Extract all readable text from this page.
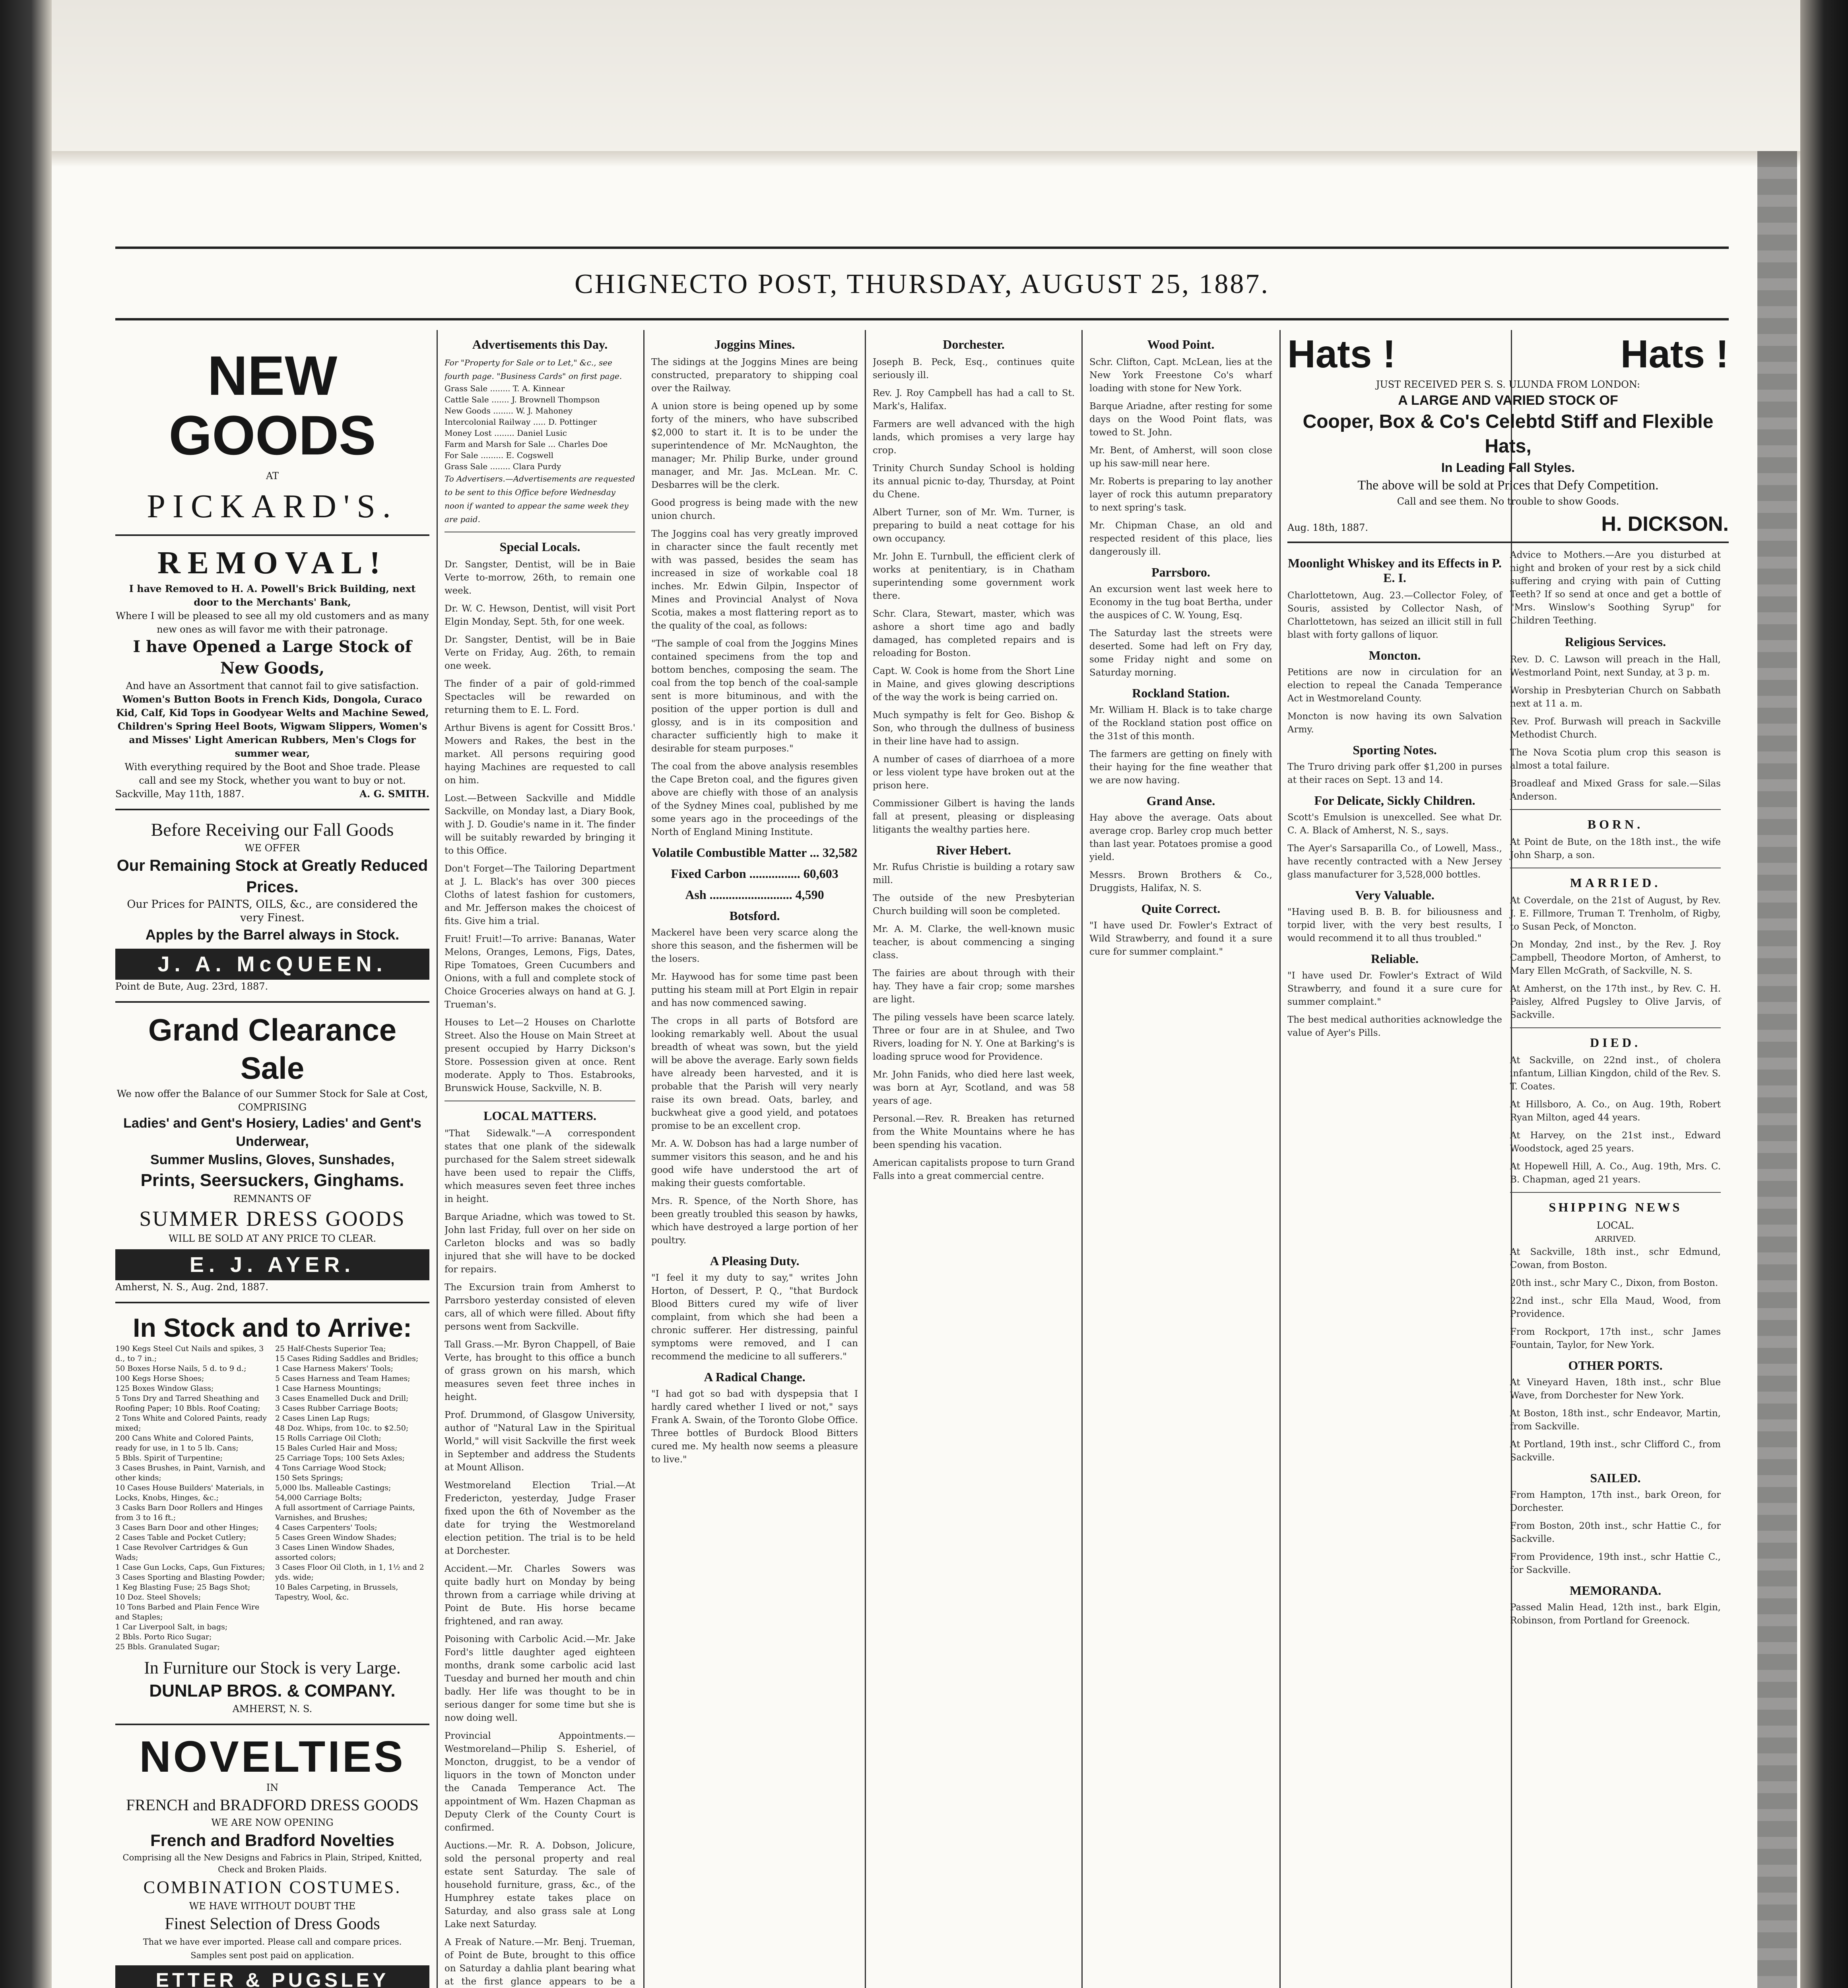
CHIGNECTO POST, THURSDAY, AUGUST 25, 1887.
NEW GOODS
AT
PICKARD'S.
REMOVAL!
I have Removed to H. A. Powell's Brick Building, next door to the Merchants' Bank,
Where I will be pleased to see all my old customers and as many new ones as will favor me with their patronage.
I have Opened a Large Stock of New Goods,
And have an Assortment that cannot fail to give satisfaction.
Women's Button Boots in French Kids, Dongola, Curaco Kid, Calf, Kid Tops in Goodyear Welts and Machine Sewed, Children's Spring Heel Boots, Wigwam Slippers, Women's and Misses' Light American Rubbers, Men's Clogs for summer wear,
With everything required by the Boot and Shoe trade. Please call and see my Stock, whether you want to buy or not.
Sackville, May 11th, 1887.	A. G. SMITH.
Before Receiving our Fall Goods
WE OFFER
Our Remaining Stock at Greatly Reduced Prices.
Our Prices for PAINTS, OILS, &c., are considered the very Finest.
Apples by the Barrel always in Stock.
J. A. McQUEEN.
Point de Bute, Aug. 23rd, 1887.
Grand Clearance Sale
We now offer the Balance of our Summer Stock for Sale at Cost, COMPRISING
Ladies' and Gent's Hosiery, Ladies' and Gent's Underwear,
Summer Muslins, Gloves, Sunshades,
Prints, Seersuckers, Ginghams.
REMNANTS OF
SUMMER DRESS GOODS
WILL BE SOLD AT ANY PRICE TO CLEAR.
E. J. AYER.
Amherst, N. S., Aug. 2nd, 1887.
In Stock and to Arrive:
190 Kegs Steel Cut Nails and spikes, 3 d., to 7 in.;
50 Boxes Horse Nails, 5 d. to 9 d.;
100 Kegs Horse Shoes;
125 Boxes Window Glass;
5 Tons Dry and Tarred Sheathing and Roofing Paper; 10 Bbls. Roof Coating;
2 Tons White and Colored Paints, ready mixed;
200 Cans White and Colored Paints, ready for use, in 1 to 5 lb. Cans;
5 Bbls. Spirit of Turpentine;
3 Cases Brushes, in Paint, Varnish, and other kinds;
10 Cases House Builders' Materials, in Locks, Knobs, Hinges, &c.;
3 Casks Barn Door Rollers and Hinges from 3 to 16 ft.;
3 Cases Barn Door and other Hinges;
2 Cases Table and Pocket Cutlery;
1 Case Revolver Cartridges & Gun Wads;
1 Case Gun Locks, Caps, Gun Fixtures;
3 Cases Sporting and Blasting Powder;
1 Keg Blasting Fuse; 25 Bags Shot;
10 Doz. Steel Shovels;
10 Tons Barbed and Plain Fence Wire and Staples;
1 Car Liverpool Salt, in bags;
2 Bbls. Porto Rico Sugar;
25 Bbls. Granulated Sugar;
25 Half-Chests Superior Tea;
15 Cases Riding Saddles and Bridles;
1 Case Harness Makers' Tools;
5 Cases Harness and Team Hames;
1 Case Harness Mountings;
3 Cases Enamelled Duck and Drill;
3 Cases Rubber Carriage Boots;
2 Cases Linen Lap Rugs;
48 Doz. Whips, from 10c. to $2.50;
15 Rolls Carriage Oil Cloth;
15 Bales Curled Hair and Moss;
25 Carriage Tops; 100 Sets Axles;
4 Tons Carriage Wood Stock;
150 Sets Springs;
5,000 lbs. Malleable Castings;
54,000 Carriage Bolts;
A full assortment of Carriage Paints, Varnishes, and Brushes;
4 Cases Carpenters' Tools;
5 Cases Green Window Shades;
3 Cases Linen Window Shades, assorted colors;
3 Cases Floor Oil Cloth, in 1, 1½ and 2 yds. wide;
10 Bales Carpeting, in Brussels, Tapestry, Wool, &c.
In Furniture our Stock is very Large.
DUNLAP BROS. & COMPANY.
AMHERST, N. S.
NOVELTIES
IN
FRENCH and BRADFORD DRESS GOODS
WE ARE NOW OPENING
French and Bradford Novelties
Comprising all the New Designs and Fabrics in Plain, Striped, Knitted, Check and Broken Plaids.
COMBINATION COSTUMES.
WE HAVE WITHOUT DOUBT THE
Finest Selection of Dress Goods
That we have ever imported. Please call and compare prices.
Samples sent post paid on application.
ETTER & PUGSLEY
Advertisements this Day.
For "Property for Sale or to Let," &c., see fourth page. "Business Cards" on first page.
Grass Sale ........ T. A. Kinnear
Cattle Sale ....... J. Brownell Thompson
New Goods ........ W. J. Mahoney
Intercolonial Railway ..... D. Pottinger
Money Lost ........ Daniel Lusic
Farm and Marsh for Sale ... Charles Doe
For Sale ......... E. Cogswell
Grass Sale ........ Clara Purdy
To Advertisers.—Advertisements are requested to be sent to this Office before Wednesday noon if wanted to appear the same week they are paid.
Special Locals.

Dr. Sangster, Dentist, will be in Baie Verte to-morrow, 26th, to remain one week.

Dr. W. C. Hewson, Dentist, will visit Port Elgin Monday, Sept. 5th, for one week.

Dr. Sangster, Dentist, will be in Baie Verte on Friday, Aug. 26th, to remain one week.

The finder of a pair of gold-rimmed Spectacles will be rewarded on returning them to E. L. Ford.

Arthur Bivens is agent for Cossitt Bros.' Mowers and Rakes, the best in the market. All persons requiring good haying Machines are requested to call on him.

Lost.—Between Sackville and Middle Sackville, on Monday last, a Diary Book, with J. D. Goudie's name in it. The finder will be suitably rewarded by bringing it to this Office.

Don't Forget—The Tailoring Department at J. L. Black's has over 300 pieces Cloths of latest fashion for customers, and Mr. Jefferson makes the choicest of fits. Give him a trial.

Fruit! Fruit!—To arrive: Bananas, Water Melons, Oranges, Lemons, Figs, Dates, Ripe Tomatoes, Green Cucumbers and Onions, with a full and complete stock of Choice Groceries always on hand at G. J. Trueman's.

Houses to Let—2 Houses on Charlotte Street. Also the House on Main Street at present occupied by Harry Dickson's Store. Possession given at once. Rent moderate. Apply to Thos. Estabrooks, Brunswick House, Sackville, N. B.

LOCAL MATTERS.

"That Sidewalk."—A correspondent states that one plank of the sidewalk purchased for the Salem street sidewalk have been used to repair the Cliffs, which measures seven feet three inches in height.

Barque Ariadne, which was towed to St. John last Friday, full over on her side on Carleton blocks and was so badly injured that she will have to be docked for repairs.

The Excursion train from Amherst to Parrsboro yesterday consisted of eleven cars, all of which were filled. About fifty persons went from Sackville.

Tall Grass.—Mr. Byron Chappell, of Baie Verte, has brought to this office a bunch of grass grown on his marsh, which measures seven feet three inches in height.

Prof. Drummond, of Glasgow University, author of "Natural Law in the Spiritual World," will visit Sackville the first week in September and address the Students at Mount Allison.

Westmoreland Election Trial.—At Fredericton, yesterday, Judge Fraser fixed upon the 6th of November as the date for trying the Westmoreland election petition. The trial is to be held at Dorchester.

Accident.—Mr. Charles Sowers was quite badly hurt on Monday by being thrown from a carriage while driving at Point de Bute. His horse became frightened, and ran away.

Poisoning with Carbolic Acid.—Mr. Jake Ford's little daughter aged eighteen months, drank some carbolic acid last Tuesday and burned her mouth and chin badly. Her life was thought to be in serious danger for some time but she is now doing well.

Provincial Appointments.—Westmoreland—Philip S. Esheriel, of Moncton, druggist, to be a vendor of liquors in the town of Moncton under the Canada Temperance Act. The appointment of Wm. Hazen Chapman as Deputy Clerk of the County Court is confirmed.

Auctions.—Mr. R. A. Dobson, Jolicure, sold the personal property and real estate sent Saturday. The sale of household furniture, grass, &c., of the Humphrey estate takes place on Saturday, and also grass sale at Long Lake next Saturday.

A Freak of Nature.—Mr. Benj. Trueman, of Point de Bute, brought to this office on Saturday a dahlia plant bearing what at the first glance appears to be a

Joggins Mines.

The sidings at the Joggins Mines are being constructed, preparatory to shipping coal over the Railway.

A union store is being opened up by some forty of the miners, who have subscribed $2,000 to start it. It is to be under the superintendence of Mr. McNaughton, the manager; Mr. Philip Burke, under ground manager, and Mr. Jas. McLean. Mr. C. Desbarres will be the clerk.

Good progress is being made with the new union church.

The Joggins coal has very greatly improved in character since the fault recently met with was passed, besides the seam has increased in size of workable coal 18 inches. Mr. Edwin Gilpin, Inspector of Mines and Provincial Analyst of Nova Scotia, makes a most flattering report as to the quality of the coal, as follows:

"The sample of coal from the Joggins Mines contained specimens from the top and bottom benches, composing the seam. The coal from the top bench of the coal-sample sent is more bituminous, and with the position of the upper portion is dull and glossy, and is in its composition and character sufficiently high to make it desirable for steam purposes."

The coal from the above analysis resembles the Cape Breton coal, and the figures given above are chiefly with those of an analysis of the Sydney Mines coal, published by me some years ago in the proceedings of the North of England Mining Institute.

Volatile Combustible Matter ... 32,582

Fixed Carbon ................ 60,603

Ash .......................... 4,590

Botsford.

Mackerel have been very scarce along the shore this season, and the fishermen will be the losers.

Mr. Haywood has for some time past been putting his steam mill at Port Elgin in repair and has now commenced sawing.

The crops in all parts of Botsford are looking remarkably well. About the usual breadth of wheat was sown, but the yield will be above the average. Early sown fields have already been harvested, and it is probable that the Parish will very nearly raise its own bread. Oats, barley, and buckwheat give a good yield, and potatoes promise to be an excellent crop.

Mr. A. W. Dobson has had a large number of summer visitors this season, and he and his good wife have understood the art of making their guests comfortable.

Mrs. R. Spence, of the North Shore, has been greatly troubled this season by hawks, which have destroyed a large portion of her poultry.

A Pleasing Duty.

"I feel it my duty to say," writes John Horton, of Dessert, P. Q., "that Burdock Blood Bitters cured my wife of liver complaint, from which she had been a chronic sufferer. Her distressing, painful symptoms were removed, and I can recommend the medicine to all sufferers."

A Radical Change.

"I had got so bad with dyspepsia that I hardly cared whether I lived or not," says Frank A. Swain, of the Toronto Globe Office. Three bottles of Burdock Blood Bitters cured me. My health now seems a pleasure to live."

Dorchester.

Joseph B. Peck, Esq., continues quite seriously ill.

Rev. J. Roy Campbell has had a call to St. Mark's, Halifax.

Farmers are well advanced with the high lands, which promises a very large hay crop.

Trinity Church Sunday School is holding its annual picnic to-day, Thursday, at Point du Chene.

Albert Turner, son of Mr. Wm. Turner, is preparing to build a neat cottage for his own occupancy.

Mr. John E. Turnbull, the efficient clerk of works at penitentiary, is in Chatham superintending some government work there.

Schr. Clara, Stewart, master, which was ashore a short time ago and badly damaged, has completed repairs and is reloading for Boston.

Capt. W. Cook is home from the Short Line in Maine, and gives glowing descriptions of the way the work is being carried on.

Much sympathy is felt for Geo. Bishop & Son, who through the dullness of business in their line have had to assign.

A number of cases of diarrhoea of a more or less violent type have broken out at the prison here.

Commissioner Gilbert is having the lands fall at present, pleasing or displeasing litigants the wealthy parties here.

River Hebert.

Mr. Rufus Christie is building a rotary saw mill.

The outside of the new Presbyterian Church building will soon be completed.

Mr. A. M. Clarke, the well-known music teacher, is about commencing a singing class.

The fairies are about through with their hay. They have a fair crop; some marshes are light.

The piling vessels have been scarce lately. Three or four are in at Shulee, and Two Rivers, loading for N. Y. One at Barking's is loading spruce wood for Providence.

Mr. John Fanids, who died here last week, was born at Ayr, Scotland, and was 58 years of age.

Personal.—Rev. R. Breaken has returned from the White Mountains where he has been spending his vacation.

American capitalists propose to turn Grand Falls into a great commercial centre.

Wood Point.

Schr. Clifton, Capt. McLean, lies at the New York Freestone Co's wharf loading with stone for New York.

Barque Ariadne, after resting for some days on the Wood Point flats, was towed to St. John.

Mr. Bent, of Amherst, will soon close up his saw-mill near here.

Mr. Roberts is preparing to lay another layer of rock this autumn preparatory to next spring's task.

Mr. Chipman Chase, an old and respected resident of this place, lies dangerously ill.

Parrsboro.

An excursion went last week here to Economy in the tug boat Bertha, under the auspices of C. W. Young, Esq.

The Saturday last the streets were deserted. Some had left on Fry day, some Friday night and some on Saturday morning.

Rockland Station.

Mr. William H. Black is to take charge of the Rockland station post office on the 31st of this month.

The farmers are getting on finely with their haying for the fine weather that we are now having.

Grand Anse.

Hay above the average. Oats about average crop. Barley crop much better than last year. Potatoes promise a good yield.

Messrs. Brown Brothers & Co., Druggists, Halifax, N. S.

Quite Correct.

"I have used Dr. Fowler's Extract of Wild Strawberry, and found it a sure cure for summer complaint."

Hats !	Hats !
JUST RECEIVED PER S. S. ULUNDA FROM LONDON:
A LARGE AND VARIED STOCK OF
Cooper, Box & Co's Celebtd Stiff and Flexible Hats,
In Leading Fall Styles.
The above will be sold at Prices that Defy Competition.
Call and see them. No trouble to show Goods.
Aug. 18th, 1887.	H. DICKSON.
Moonlight Whiskey and its Effects in P. E. I.

Charlottetown, Aug. 23.—Collector Foley, of Souris, assisted by Collector Nash, of Charlottetown, has seized an illicit still in full blast with forty gallons of liquor.

Moncton.

Petitions are now in circulation for an election to repeal the Canada Temperance Act in Westmoreland County.

Moncton is now having its own Salvation Army.

Sporting Notes.

The Truro driving park offer $1,200 in purses at their races on Sept. 13 and 14.

For Delicate, Sickly Children.

Scott's Emulsion is unexcelled. See what Dr. C. A. Black of Amherst, N. S., says.

The Ayer's Sarsaparilla Co., of Lowell, Mass., have recently contracted with a New Jersey glass manufacturer for 3,528,000 bottles.

Very Valuable.

"Having used B. B. B. for biliousness and torpid liver, with the very best results, I would recommend it to all thus troubled."

Reliable.

"I have used Dr. Fowler's Extract of Wild Strawberry, and found it a sure cure for summer complaint."

The best medical authorities acknowledge the value of Ayer's Pills.

Advice to Mothers.—Are you disturbed at night and broken of your rest by a sick child suffering and crying with pain of Cutting Teeth? If so send at once and get a bottle of "Mrs. Winslow's Soothing Syrup" for Children Teething.
Religious Services.

Rev. D. C. Lawson will preach in the Hall, Westmorland Point, next Sunday, at 3 p. m.

Worship in Presbyterian Church on Sabbath next at 11 a. m.

Rev. Prof. Burwash will preach in Sackville Methodist Church.

The Nova Scotia plum crop this season is almost a total failure.

Broadleaf and Mixed Grass for sale.—Silas Anderson.

BORN.
At Point de Bute, on the 18th inst., the wife John Sharp, a son.
MARRIED.

At Coverdale, on the 21st of August, by Rev. J. E. Fillmore, Truman T. Trenholm, of Rigby, to Susan Peck, of Moncton.

On Monday, 2nd inst., by the Rev. J. Roy Campbell, Theodore Morton, of Amherst, to Mary Ellen McGrath, of Sackville, N. S.

At Amherst, on the 17th inst., by Rev. C. H. Paisley, Alfred Pugsley to Olive Jarvis, of Sackville.

DIED.

At Sackville, on 22nd inst., of cholera infantum, Lillian Kingdon, child of the Rev. S. T. Coates.

At Hillsboro, A. Co., on Aug. 19th, Robert Ryan Milton, aged 44 years.

At Harvey, on the 21st inst., Edward Woodstock, aged 25 years.

At Hopewell Hill, A. Co., Aug. 19th, Mrs. C. B. Chapman, aged 21 years.

SHIPPING NEWS
LOCAL.
ARRIVED.

At Sackville, 18th inst., schr Edmund, Cowan, from Boston.

20th inst., schr Mary C., Dixon, from Boston.

22nd inst., schr Ella Maud, Wood, from Providence.

From Rockport, 17th inst., schr James Fountain, Taylor, for New York.

OTHER PORTS.

At Vineyard Haven, 18th inst., schr Blue Wave, from Dorchester for New York.

At Boston, 18th inst., schr Endeavor, Martin, from Sackville.

At Portland, 19th inst., schr Clifford C., from Sackville.

SAILED.

From Hampton, 17th inst., bark Oreon, for Dorchester.

From Boston, 20th inst., schr Hattie C., for Sackville.

From Providence, 19th inst., schr Hattie C., for Sackville.

MEMORANDA.

Passed Malin Head, 12th inst., bark Elgin, Robinson, from Portland for Greenock.
